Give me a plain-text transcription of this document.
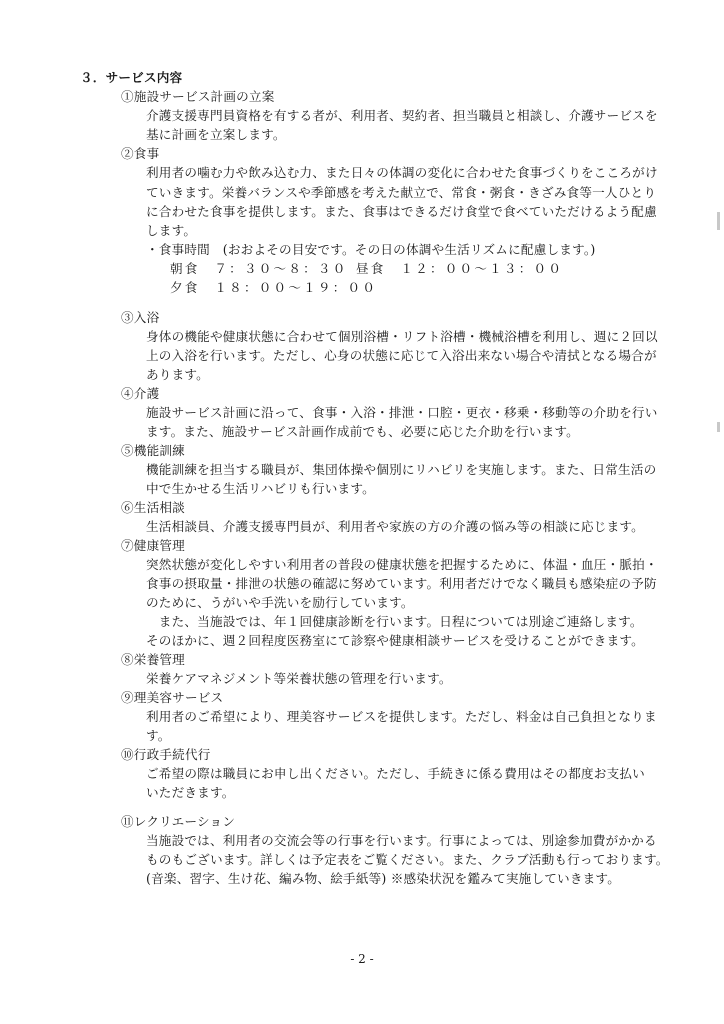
３．サービス内容
①施設サービス計画の立案
介護支援専門員資格を有する者が、利用者、契約者、担当職員と相談し、介護サービスを
基に計画を立案します。
②食事
利用者の噛む力や飲み込む力、また日々の体調の変化に合わせた食事づくりをこころがけ
ていきます。栄養バランスや季節感を考えた献立で、常食・粥食・きざみ食等一人ひとり
に合わせた食事を提供します。また、食事はできるだけ食堂で食べていただけるよう配慮
します。
・食事時間　(おおよその目安です。その日の体調や生活リズムに配慮します。)
朝食　７：３０～８：３０ 昼食　１２：００～１３：００
夕食　１８：００～１９：００
③入浴
身体の機能や健康状態に合わせて個別浴槽・リフト浴槽・機械浴槽を利用し、週に２回以
上の入浴を行います。ただし、心身の状態に応じて入浴出来ない場合や清拭となる場合が
あります。
④介護
施設サービス計画に沿って、食事・入浴・排泄・口腔・更衣・移乗・移動等の介助を行い
ます。また、施設サービス計画作成前でも、必要に応じた介助を行います。
⑤機能訓練
機能訓練を担当する職員が、集団体操や個別にリハビリを実施します。また、日常生活の
中で生かせる生活リハビリも行います。
⑥生活相談
生活相談員、介護支援専門員が、利用者や家族の方の介護の悩み等の相談に応じます。
⑦健康管理
突然状態が変化しやすい利用者の普段の健康状態を把握するために、体温・血圧・脈拍・
食事の摂取量・排泄の状態の確認に努めています。利用者だけでなく職員も感染症の予防
のために、うがいや手洗いを励行しています。
　また、当施設では、年１回健康診断を行います。日程については別途ご連絡します。
そのほかに、週２回程度医務室にて診察や健康相談サービスを受けることができます。
⑧栄養管理
栄養ケアマネジメント等栄養状態の管理を行います。
⑨理美容サービス
利用者のご希望により、理美容サービスを提供します。ただし、料金は自己負担となりま
す。
⑩行政手続代行
ご希望の際は職員にお申し出ください。ただし、手続きに係る費用はその都度お支払い
いただきます。
⑪レクリエーション
当施設では、利用者の交流会等の行事を行います。行事によっては、別途参加費がかかる
ものもございます。詳しくは予定表をご覧ください。また、クラブ活動も行っております。
(音楽、習字、生け花、編み物、絵手紙等) ※感染状況を鑑みて実施していきます。
- 2 -
